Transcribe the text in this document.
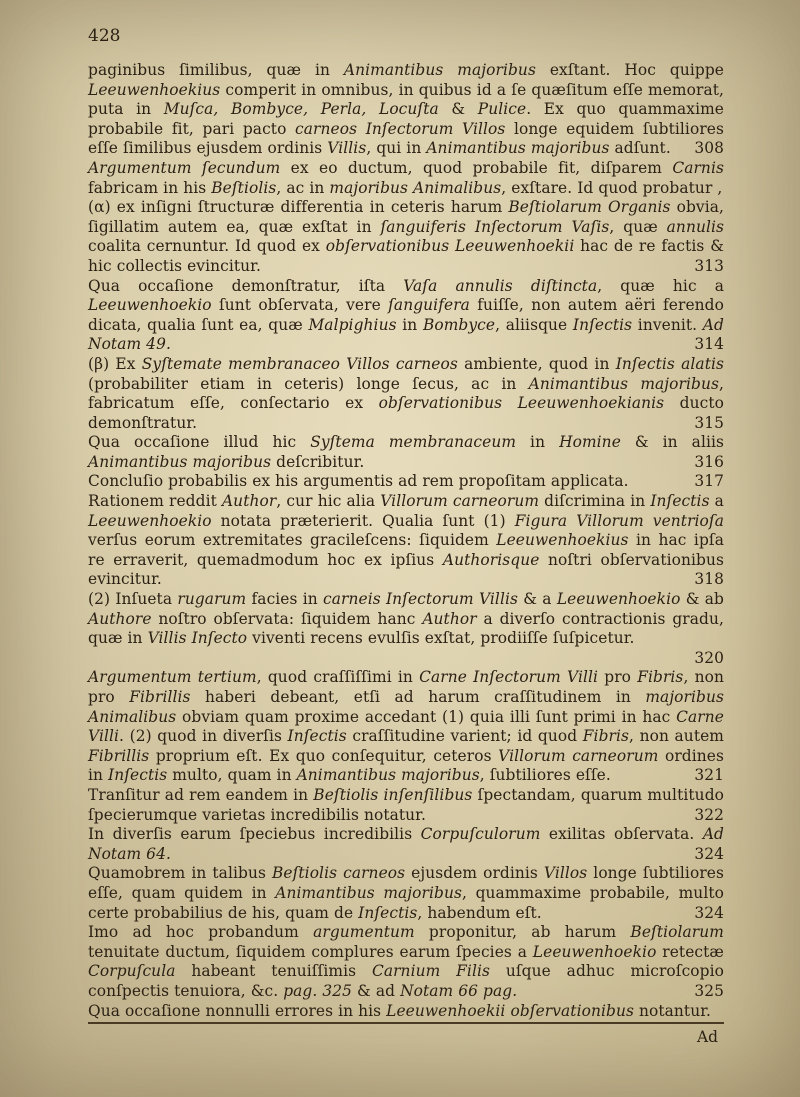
428
paginibus ſimilibus, quæ in Animantibus majoribus exſtant. Hoc quippe Leeuwenhoekius comperit in omnibus, in quibus id a ſe quæſitum eſſe memorat, puta in Muſca, Bombyce, Perla, Locuſta & Pulice. Ex quo quammaxime probabile fit, pari pacto carneos Inſectorum Villos longe equidem ſubtiliores eſſe ſimilibus ejusdem ordinis Villis, qui in Animantibus majoribus adſunt. 308
Argumentum ſecundum ex eo ductum, quod probabile fit, diſparem Carnis fabricam in his Beſtiolis, ac in majoribus Animalibus, exſtare. Id quod probatur ,
(α) ex inſigni ſtructuræ differentia in ceteris harum Beſtiolarum Organis obvia, ſigillatim autem ea, quæ exſtat in ſanguiferis Inſectorum Vaſis, quæ annulis coalita cernuntur. Id quod ex obſervationibus Leeuwenhoekii hac de re factis & hic collectis evincitur.	313
Qua occaſione demonſtratur, iſta Vaſa annulis diſtincta, quæ hic a Leeuwenhoekio ſunt obſervata, vere ſanguifera fuiſſe, non autem aëri ferendo dicata, qualia ſunt ea, quæ Malpighius in Bombyce, aliisque Inſectis invenit. Ad Notam 49.	314
(β) Ex Syſtemate membranaceo Villos carneos ambiente, quod in Inſectis alatis (probabiliter etiam in ceteris) longe ſecus, ac in Animantibus majoribus, fabricatum eſſe, conſectario ex obſervationibus Leeuwenhoekianis ducto demonſtratur.	315
Qua occaſione illud hic Syſtema membranaceum in Homine & in aliis Animantibus majoribus deſcribitur.	316
Concluſio probabilis ex his argumentis ad rem propoſitam applicata.	317
Rationem reddit Author, cur hic alia Villorum carneorum diſcrimina in Inſectis a Leeuwenhoekio notata præterierit. Qualia ſunt (1) Figura Villorum ventrioſa verſus eorum extremitates gracileſcens: ſiquidem Leeuwenhoekius in hac ipſa re erraverit, quemadmodum hoc ex ipſius Authorisque noſtri obſervationibus evincitur.	318
(2) Inſueta rugarum facies in carneis Inſectorum Villis & a Leeuwenhoekio & ab Authore noſtro obſervata: ſiquidem hanc Author a diverſo contractionis gradu, quæ in Villis Inſecto viventi recens evulſis exſtat, prodiiſſe ſuſpicetur.
320
Argumentum tertium, quod craſſiſſimi in Carne Inſectorum Villi pro Fibris, non pro Fibrillis haberi debeant, etſi ad harum craſſitudinem in majoribus Animalibus obviam quam proxime accedant (1) quia illi ſunt primi in hac Carne Villi. (2) quod in diverſis Inſectis craſſitudine varient; id quod Fibris, non autem Fibrillis proprium eſt. Ex quo conſequitur, ceteros Villorum carneorum ordines in Inſectis multo, quam in Animantibus majoribus, ſubtiliores eſſe.	321
Tranſitur ad rem eandem in Beſtiolis inſenſilibus ſpectandam, quarum multitudo ſpecierumque varietas incredibilis notatur.	322
In diverſis earum ſpeciebus incredibilis Corpuſculorum exilitas obſervata. Ad Notam 64.	324
Quamobrem in talibus Beſtiolis carneos ejusdem ordinis Villos longe ſubtiliores eſſe, quam quidem in Animantibus majoribus, quammaxime probabile, multo certe probabilius de his, quam de Inſectis, habendum eſt.	324
Imo ad hoc probandum argumentum proponitur, ab harum Beſtiolarum tenuitate ductum, ſiquidem complures earum ſpecies a Leeuwenhoekio retectæ Corpuſcula habeant tenuiſſimis Carnium Filis uſque adhuc microſcopio conſpectis tenuiora, &c. pag. 325 & ad Notam 66 pag.	325
Qua occaſione nonnulli errores in his Leeuwenhoekii obſervationibus notantur.
Ad
